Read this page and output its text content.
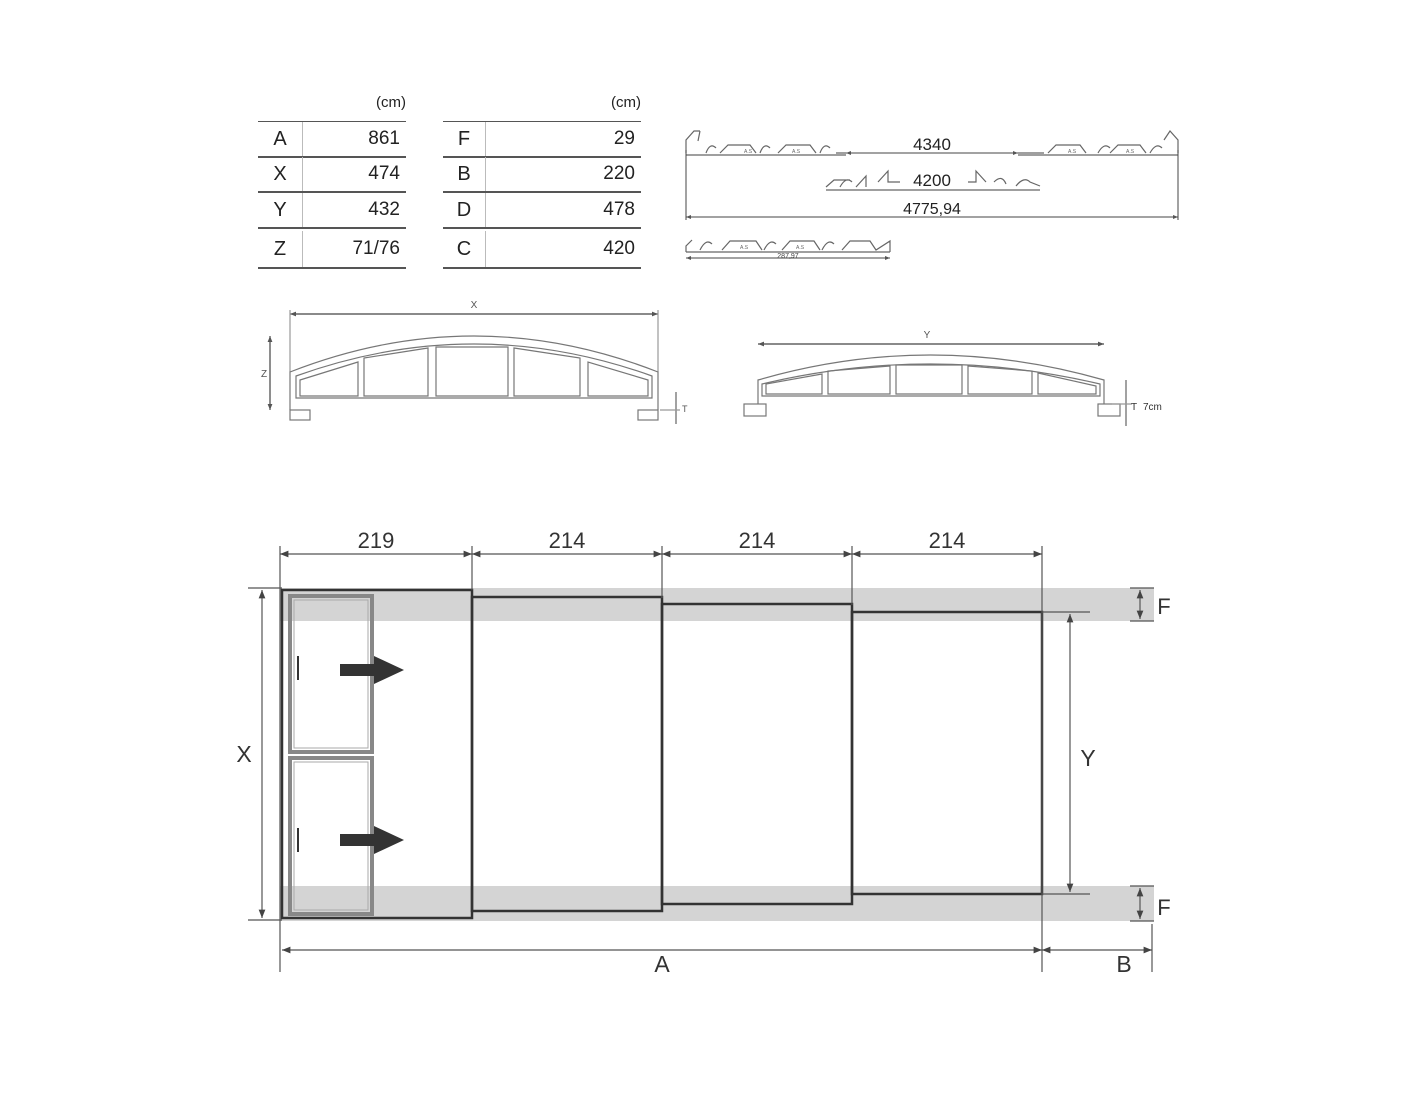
(cm)
A	861
X	474
Y	432
Z	71/76
(cm)
F	29
B	220
D	478
C	420
A.S	A.S	A.S	A.S
A.S	A.S
4340
4200
4775,94
287,97
X
Z
T
Y
T 7cm
219	214	214	214
X	Y
F
F
A	B
